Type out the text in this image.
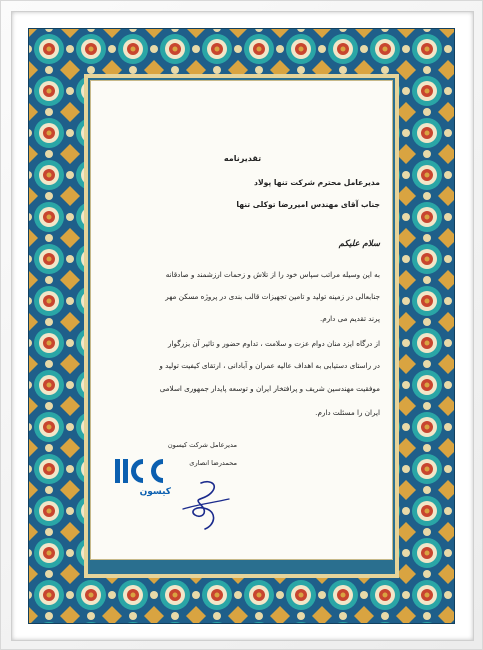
تقدیرنامه
مدیرعامل محترم شرکت تنها پولاد
جناب آقای مهندس امیررضا توکلی تنها
سلام علیکم
به این وسیله مراتب سپاس خود را از تلاش و زحمات ارزشمند و صادقانه
جنابعالی در زمینه تولید و تامین تجهیزات قالب بندی در پروژه مسکن مهر
پرند تقدیم می دارم.
از درگاه ایزد منان دوام عزت و سلامت ، تداوم حضور و تاثیر آن بزرگوار
در راستای دستیابی به اهداف عالیه عمران و آبادانی ، ارتقای کیفیت تولید و
موفقیت مهندسین شریف و پرافتخار ایران و توسعه پایدار جمهوری اسلامی
ایران را مسئلت دارم.
مدیرعامل شرکت کیسون
محمدرضا انصاری
کیسون
